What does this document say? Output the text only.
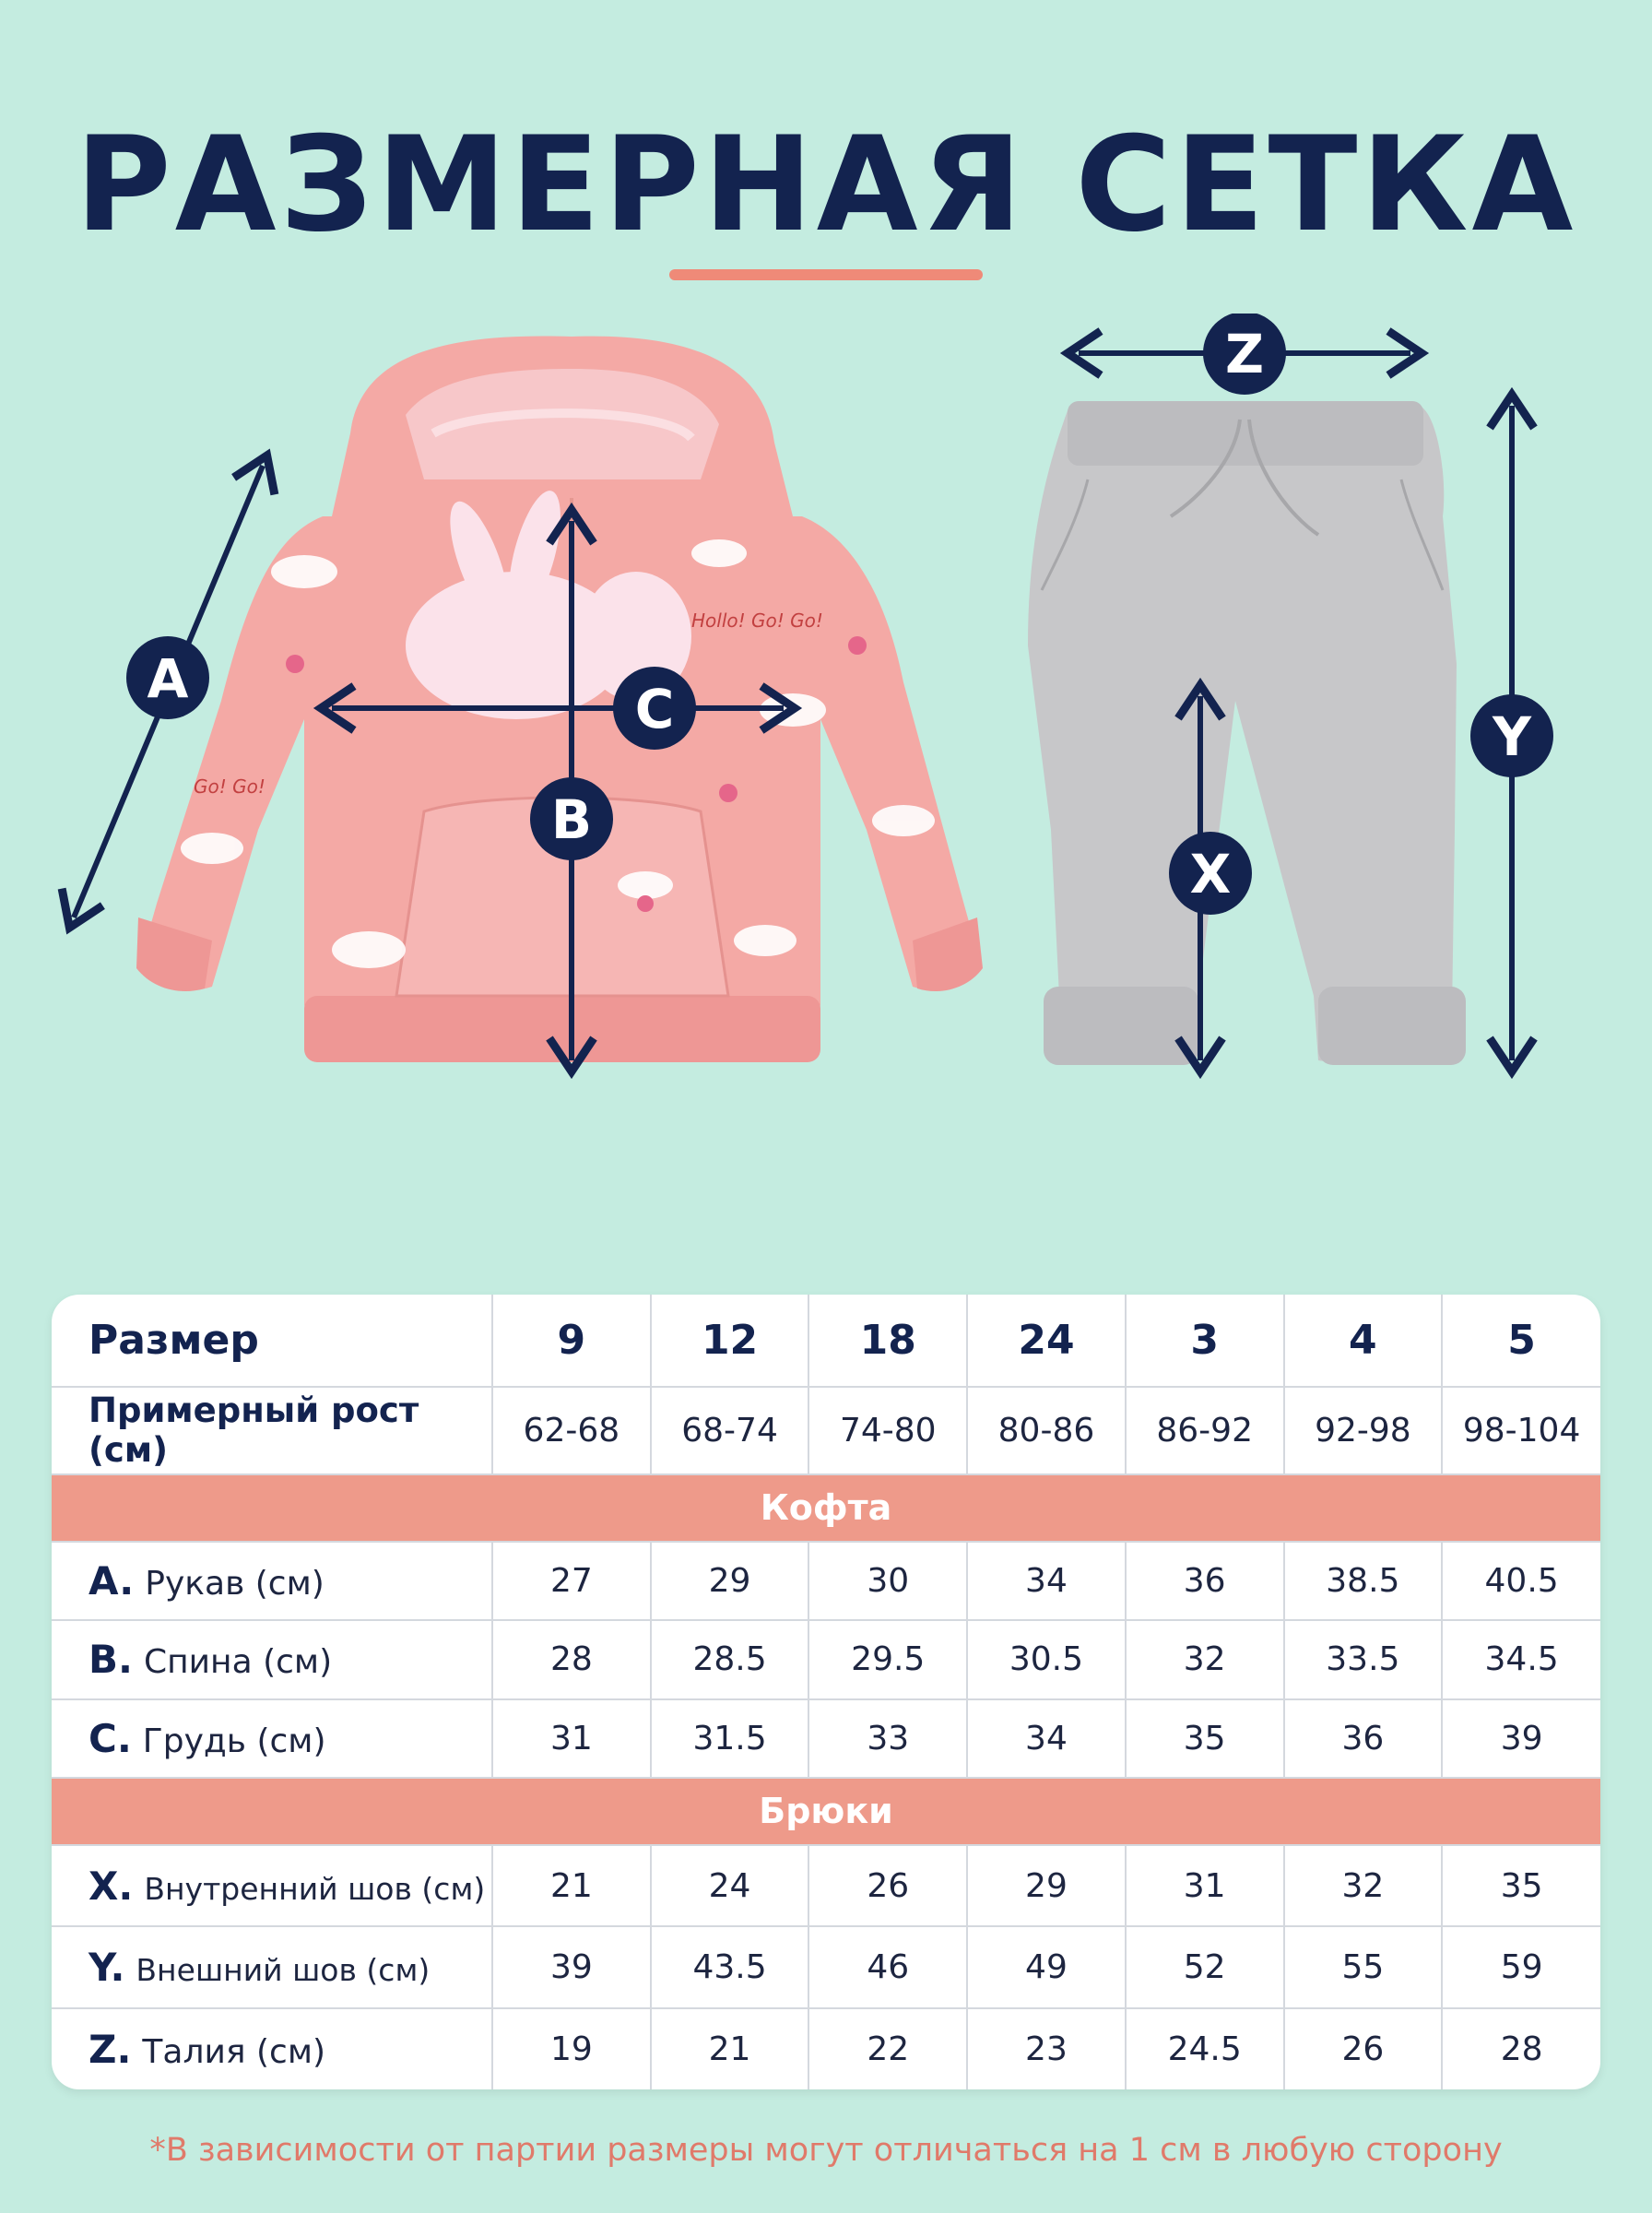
РАЗМЕРНАЯ СЕТКА
Hollo! Go! Go!
Go! Go!
A
B
C
Z
Y
X
Размер	9	12	18	24	3	4	5
Примерный рост (см)	62-68	68-74	74-80	80-86	86-92	92-98	98-104
Кофта							
A. Рукав (см)	27	29	30	34	36	38.5	40.5
B. Спина (см)	28	28.5	29.5	30.5	32	33.5	34.5
C. Грудь (см)	31	31.5	33	34	35	36	39
Брюки							
X. Внутренний шов (см)	21	24	26	29	31	32	35
Y. Внешний шов (см)	39	43.5	46	49	52	55	59
Z. Талия (см)	19	21	22	23	24.5	26	28
*В зависимости от партии размеры могут отличаться на 1 см в любую сторону
